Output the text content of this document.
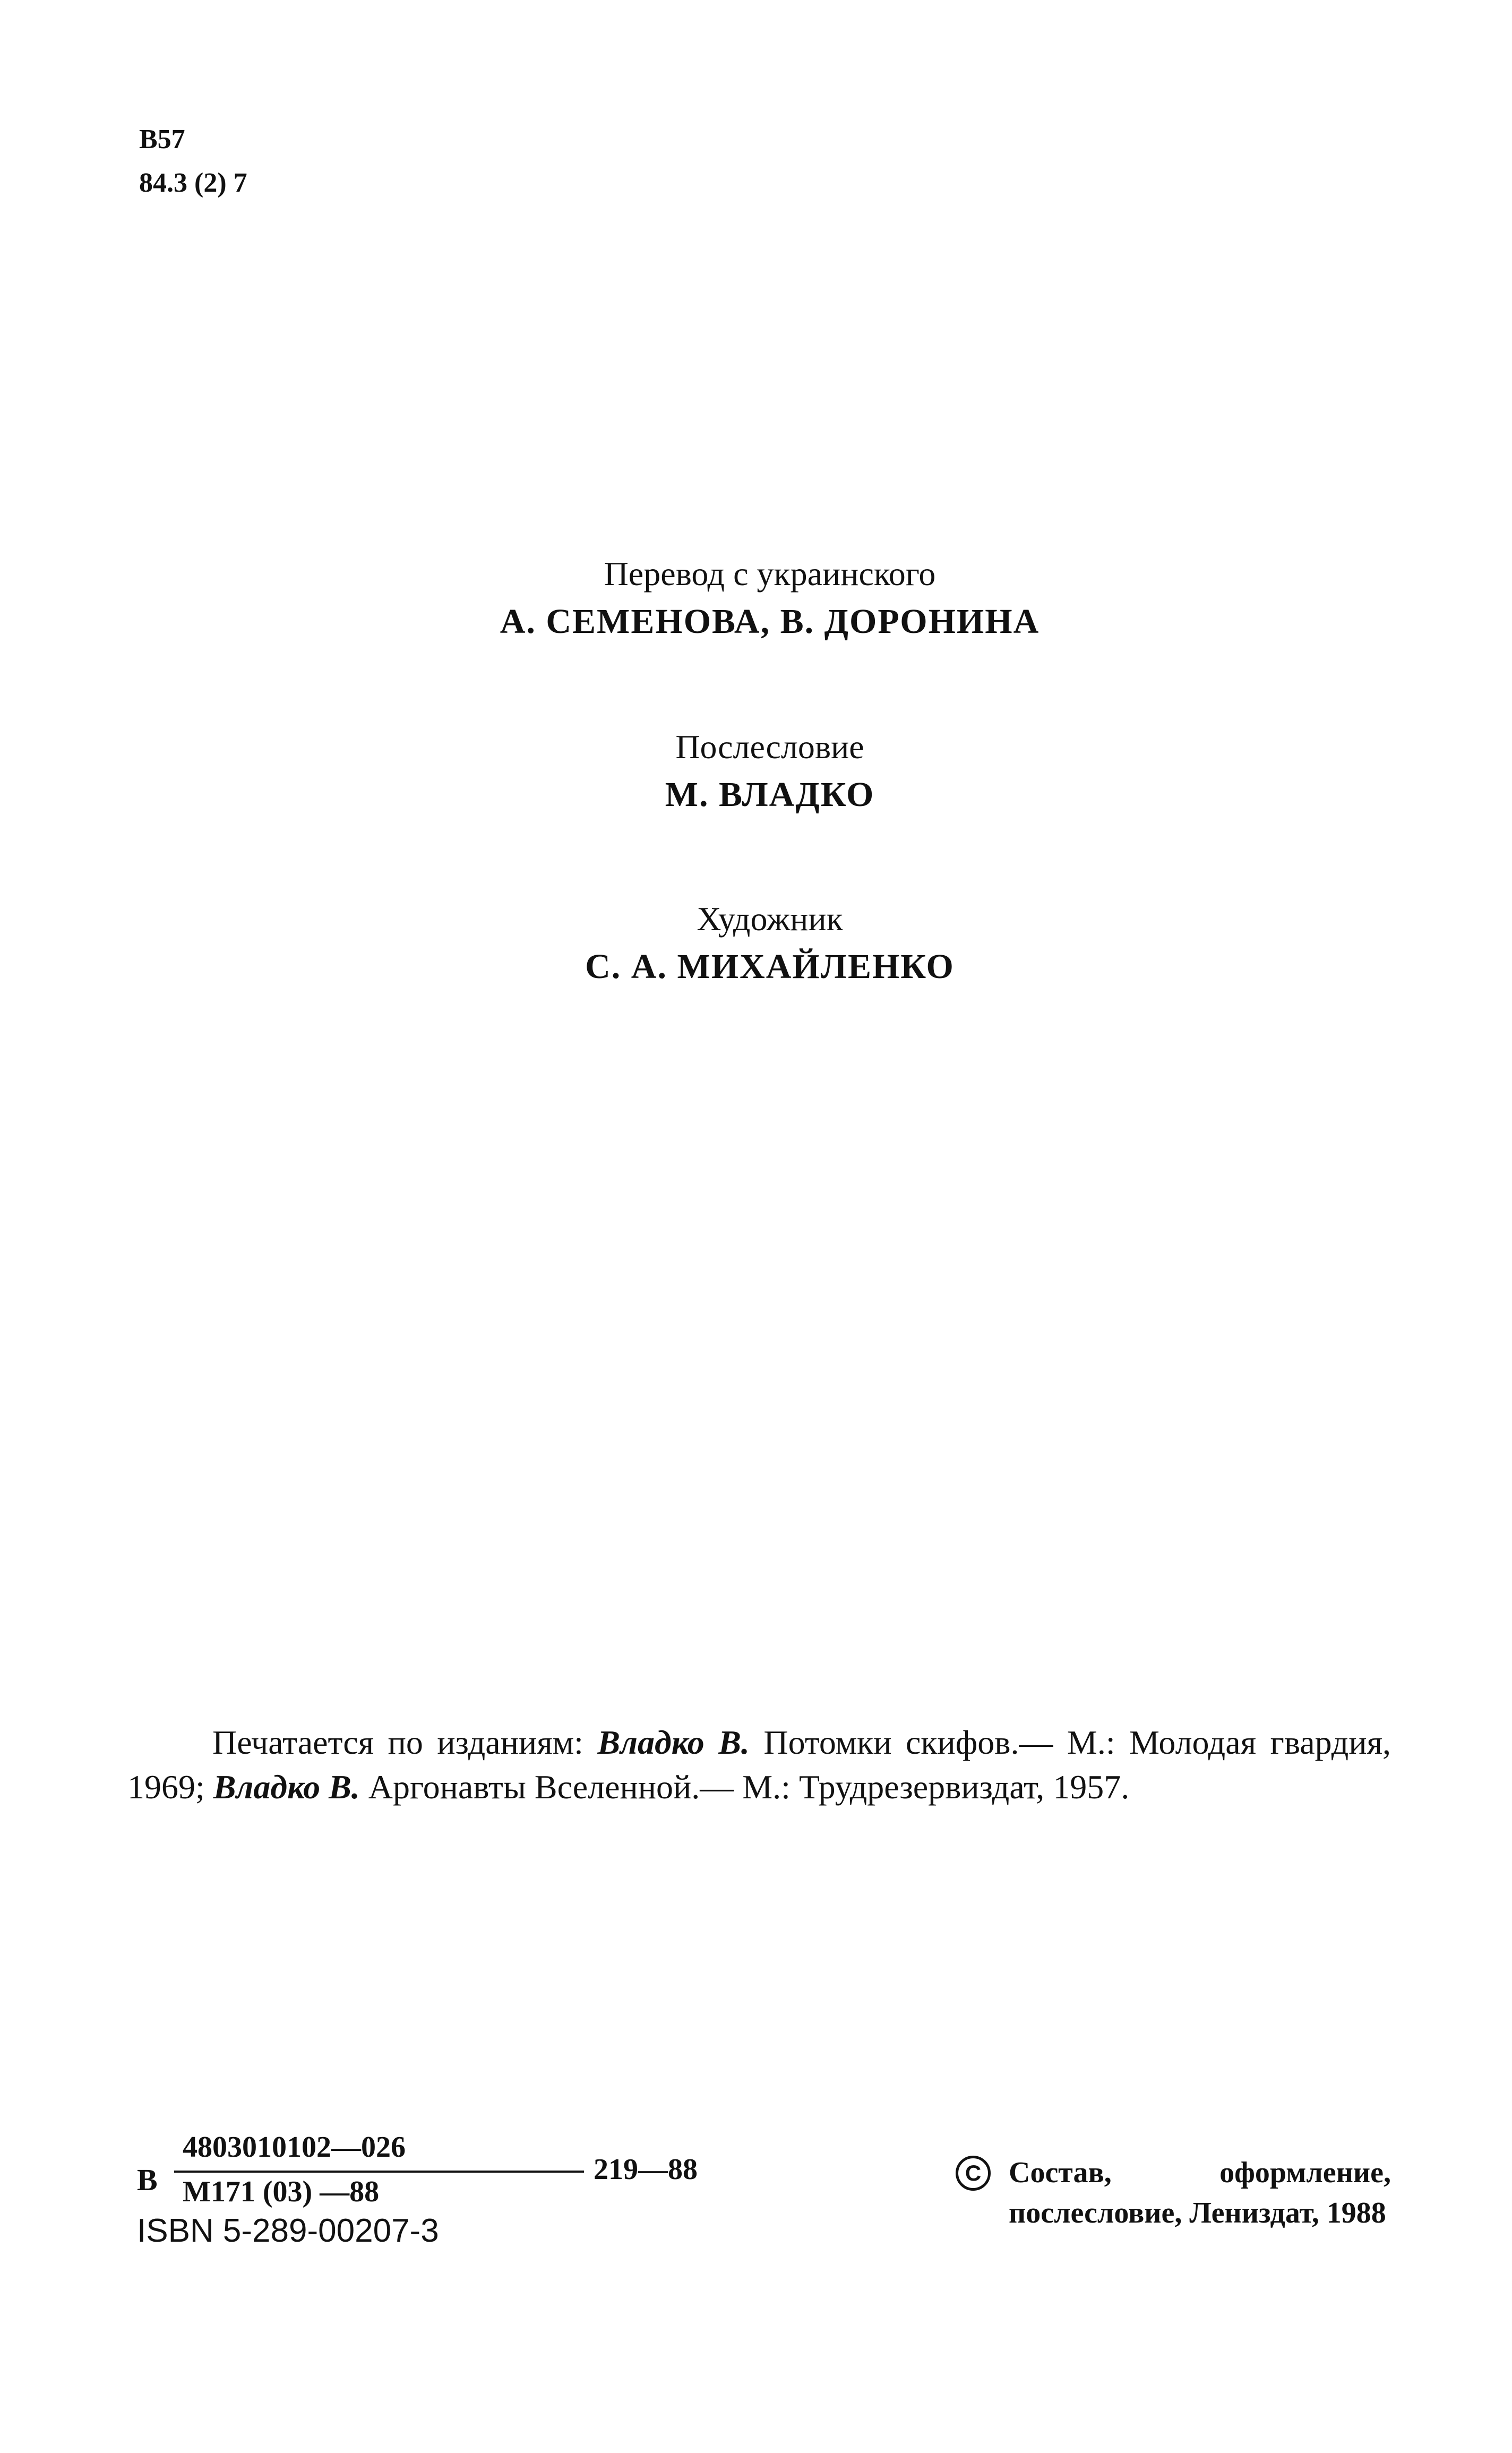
В57
84.3 (2) 7
Перевод с украинского
А. СЕМЕНОВА, В. ДОРОНИНА
Послесловие
М. ВЛАДКО
Художник
С. А. МИХАЙЛЕНКО

Печатается по изданиям: Владко В. Потомки скифов.— М.: Молодая гвардия, 1969; Владко В. Аргонавты Вселенной.— М.: Трудрезервиздат, 1957.

В
4803010102—026
М171 (03) —88
219—88
ISBN 5-289-00207-3
C Состав, оформление, послесловие, Лениздат, 1988
